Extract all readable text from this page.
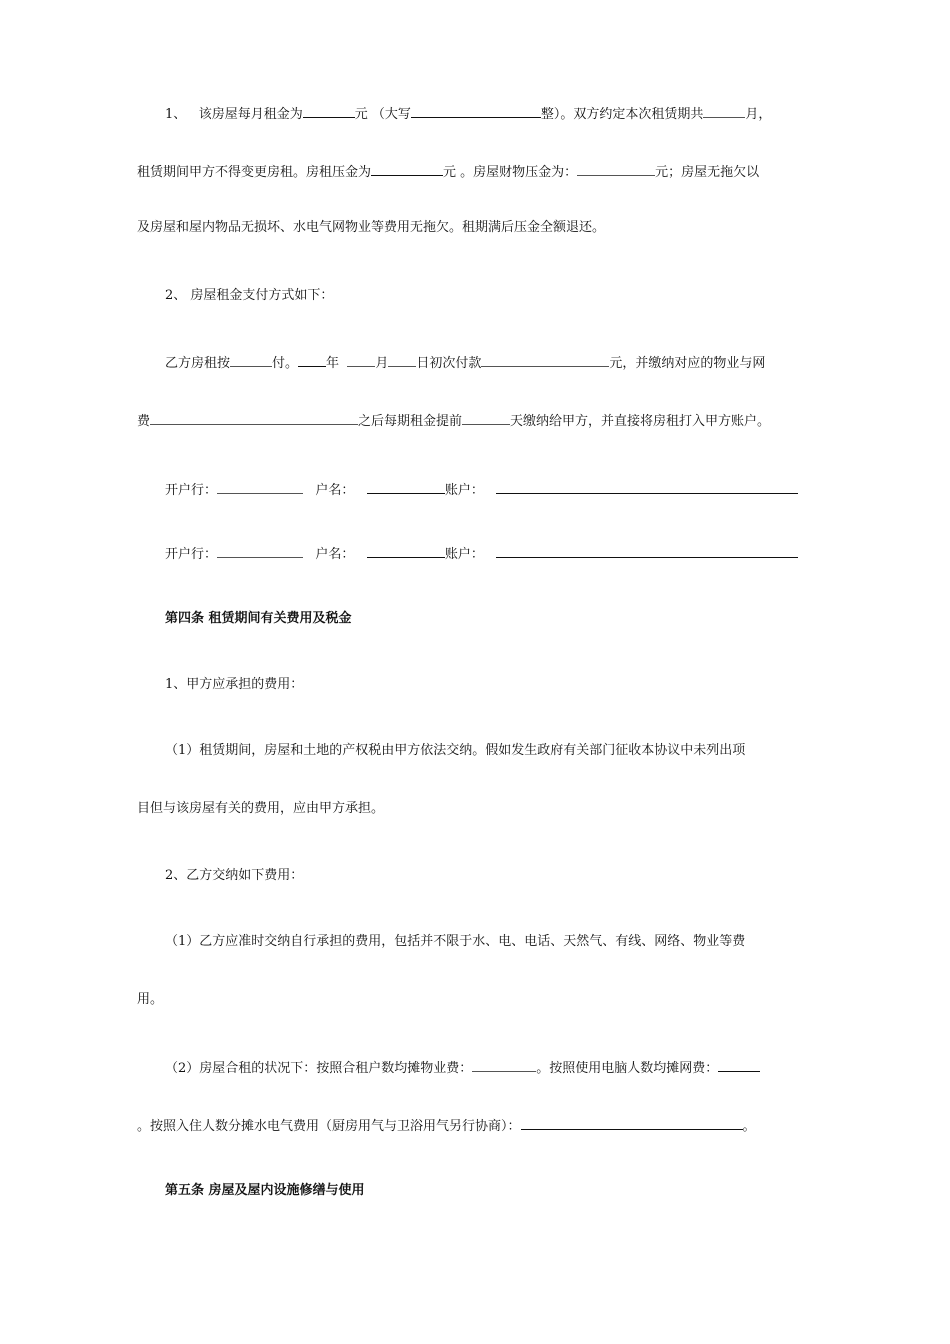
1、 该房屋每月租金为	元 （大写	整）。双方约定本次租赁期共	月，
租赁期间甲方不得变更房租。房租压金为	元 。房屋财物压金为：	元；房屋无拖欠以
及房屋和屋内物品无损坏、水电气网物业等费用无拖欠。租期满后压金全额退还。
2、 房屋租金支付方式如下：
乙方房租按	付。 年	月 日初次付款	元，并缴纳对应的物业与网
费	之后每期租金提前	天缴纳给甲方，并直接将房租打入甲方账户。
开户行：	户名：	账户：
开户行：	户名：	账户：
第四条 租赁期间有关费用及税金
1、甲方应承担的费用：
（1）租赁期间，房屋和土地的产权税由甲方依法交纳。假如发生政府有关部门征收本协议中未列出项
目但与该房屋有关的费用，应由甲方承担。
2、乙方交纳如下费用：
（1）乙方应准时交纳自行承担的费用，包括并不限于水、电、电话、天然气、有线、网络、物业等费
用。
（2）房屋合租的状况下：按照合租户数均摊物业费：	。按照使用电脑人数均摊网费：
。按照入住人数分摊水电气费用（厨房用气与卫浴用气另行协商）：	。
第五条 房屋及屋内设施修缮与使用
